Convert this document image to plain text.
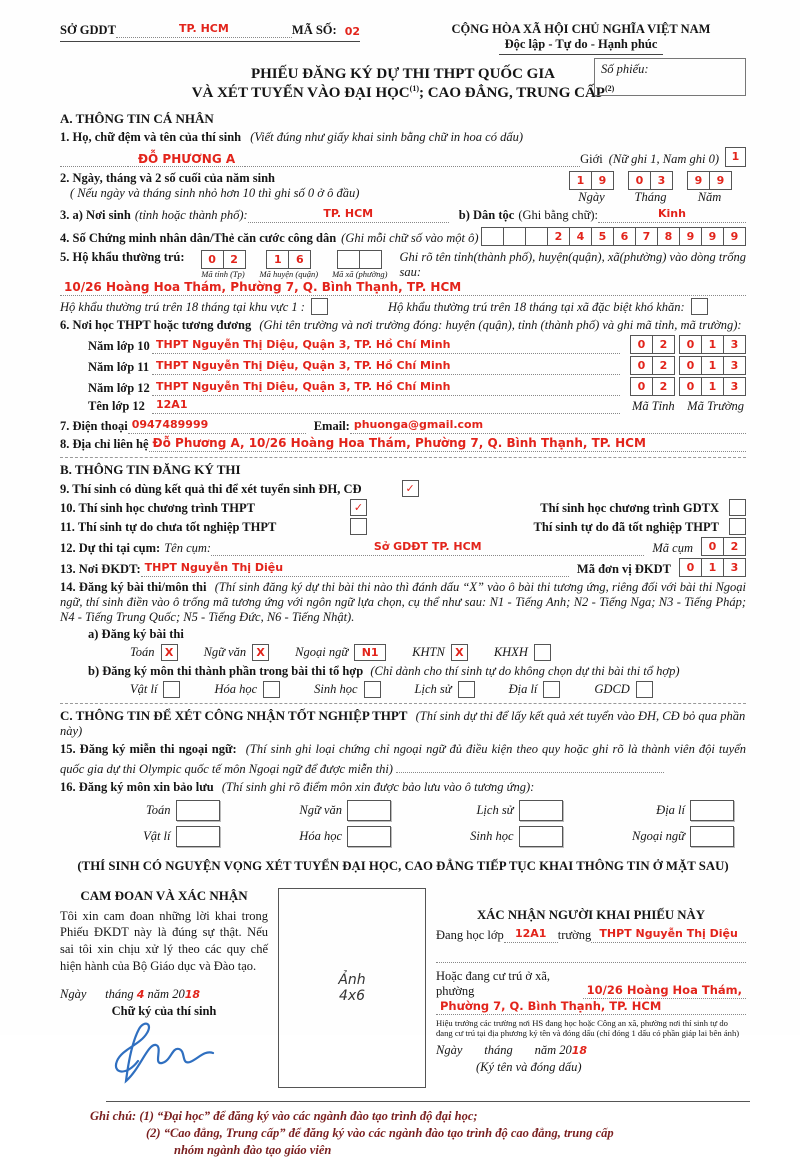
SỞ GDDT	TP. HCM	MÃ SỐ: 02	CỘNG HÒA XÃ HỘI CHỦ NGHĨA VIỆT NAM
Độc lập - Tự do - Hạnh phúc
PHIẾU ĐĂNG KÝ DỰ THI THPT QUỐC GIA
VÀ XÉT TUYỂN VÀO ĐẠI HỌC$^{(1)}$; CAO ĐẲNG, TRUNG CẤP$^{(2)}$
Số phiếu:
A. THÔNG TIN CÁ NHÂN
1. Họ, chữ đệm và tên của thí sinh (Viết đúng như giấy khai sinh bằng chữ in hoa có dấu)
ĐỖ PHƯƠNG A	Giới (Nữ ghi 1, Nam ghi 0)	1
2. Ngày, tháng và 2 số cuối của năm sinh
( Nếu ngày và tháng sinh nhỏ hơn 10 thì ghi số 0 ở ô đầu)
1	9
Ngày
0	3
Tháng
9	9
Năm
3. a) Nơi sinh (tỉnh hoặc thành phố):	TP. HCM	b) Dân tộc (Ghi bằng chữ):	Kinh
4. Số Chứng minh nhân dân/Thẻ căn cước công dân (Ghi mỗi chữ số vào một ô)	2	4	5	6	7	8	9	9	9
5. Hộ khẩu thường trú:	0	2
Mã tỉnh (Tp)
1	6
Mã huyện (quận) Mã xã (phường)
Ghi rõ tên tỉnh(thành phố), huyện(quận), xã(phường) vào dòng trống sau:
10/26 Hoàng Hoa Thám, Phường 7, Q. Bình Thạnh, TP. HCM
Hộ khẩu thường trú trên 18 tháng tại khu vực 1 :	Hộ khẩu thường trú trên 18 tháng tại xã đặc biệt khó khăn:
6. Nơi học THPT hoặc tương đương (Ghi tên trường và nơi trường đóng: huyện (quận), tỉnh (thành phố) và ghi mã tỉnh, mã trường):
Năm lớp 10 THPT Nguyễn Thị Diệu, Quận 3, TP. Hồ Chí Minh	0	2	0	1	3
Năm lớp 11 THPT Nguyễn Thị Diệu, Quận 3, TP. Hồ Chí Minh	0	2	0	1	3
Năm lớp 12 THPT Nguyễn Thị Diệu, Quận 3, TP. Hồ Chí Minh	0	2	0	1	3
Tên lớp 12	12A1	Mã Tỉnh Mã Trường
7. Điện thoại 0947489999	Email: phuonga@gmail.com
8. Địa chỉ liên hệ Đỗ Phương A, 10/26 Hoàng Hoa Thám, Phường 7, Q. Bình Thạnh, TP. HCM
B. THÔNG TIN ĐĂNG KÝ THI
9. Thí sinh có dùng kết quả thi để xét tuyển sinh ĐH, CĐ	✓
10. Thí sinh học chương trình THPT	✓	Thí sinh học chương trình GDTX
11. Thí sinh tự do chưa tốt nghiệp THPT	Thí sinh tự do đã tốt nghiệp THPT
12. Dự thi tại cụm: Tên cụm:	Sở GDĐT TP. HCM	Mã cụm	0	2
13. Nơi ĐKDT: THPT Nguyễn Thị Diệu	Mã đơn vị ĐKDT	0	1	3
14. Đăng ký bài thi/môn thi (Thí sinh đăng ký dự thi bài thi nào thì đánh dấu “X” vào ô bài thi tương ứng, riêng đối với bài thi Ngoại ngữ, thí sinh điền vào ô trống mã tương ứng với ngôn ngữ lựa chọn, cụ thể như sau: N1 - Tiếng Anh; N2 - Tiếng Nga; N3 - Tiếng Pháp; N4 - Tiếng Trung Quốc; N5 - Tiếng Đức, N6 - Tiếng Nhật).
a) Đăng ký bài thi
Toán X	Ngữ văn X	Ngoại ngữ	N1	KHTN X	KHXH
b) Đăng ký môn thi thành phần trong bài thi tổ hợp (Chỉ dành cho thí sinh tự do không chọn dự thi bài thi tổ hợp)
Vật lí	Hóa học	Sinh học	Lịch sử	Địa lí	GDCD
C. THÔNG TIN ĐỂ XÉT CÔNG NHẬN TỐT NGHIỆP THPT (Thí sinh dự thi để lấy kết quả xét tuyển vào ĐH, CĐ bỏ qua phần này)
15. Đăng ký miễn thi ngoại ngữ: (Thí sinh ghi loại chứng chỉ ngoại ngữ đủ điều kiện theo quy hoặc ghi rõ là thành viên đội tuyển quốc gia dự thi Olympic quốc tế môn Ngoại ngữ để được miễn thi)
16. Đăng ký môn xin bảo lưu (Thí sinh ghi rõ điểm môn xin được bảo lưu vào ô tương ứng):
Toán	Ngữ văn	Lịch sử	Địa lí
Vật lí	Hóa học	Sinh học	Ngoại ngữ
(THÍ SINH CÓ NGUYỆN VỌNG XÉT TUYỂN ĐẠI HỌC, CAO ĐẲNG TIẾP TỤC KHAI THÔNG TIN Ở MẶT SAU)
CAM ĐOAN VÀ XÁC NHẬN
Tôi xin cam đoan những lời khai trong Phiếu ĐKDT này là đúng sự thật. Nếu sai tôi xin chịu xử lý theo các quy chế hiện hành của Bộ Giáo dục và Đào tạo.
Ngày tháng 4 năm 2018
Chữ ký của thí sinh
Ảnh
4x6
XÁC NHẬN NGƯỜI KHAI PHIẾU NÀY
Đang học lớp	12A1 trường THPT Nguyễn Thị Diệu
Hoặc đang cư trú ở xã, phường	10/26 Hoàng Hoa Thám,
Phường 7, Q. Bình Thạnh, TP. HCM
Hiệu trưởng các trường nơi HS đang học hoặc Công an xã, phường nơi thí sinh tự do đang cư trú tại địa phương ký tên và đóng dấu (chỉ đóng 1 dấu có phần giáp lai bên ảnh)
Ngày tháng năm 2018
(Ký tên và đóng dấu)
Ghi chú: (1) “Đại học” để đăng ký vào các ngành đào tạo trình độ đại học;
(2) “Cao đẳng, Trung cấp” để đăng ký vào các ngành đào tạo trình độ cao đẳng, trung cấp
nhóm ngành đào tạo giáo viên
